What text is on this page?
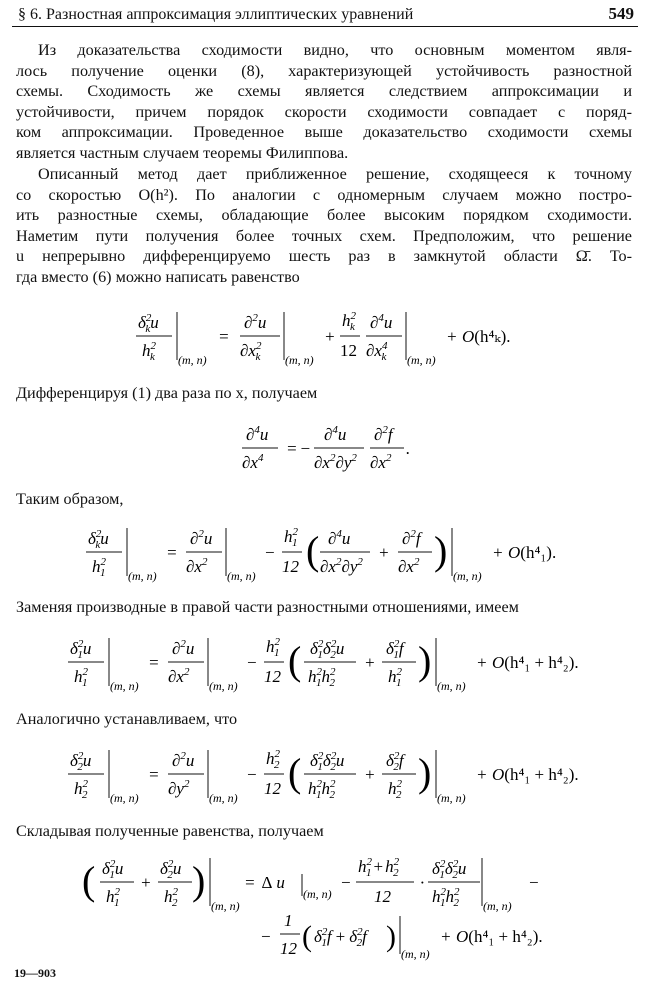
§ 6. Разностная аппроксимация эллиптических уравнений	549
Из доказательства сходимости видно, что основным моментом явля-
лось получение оценки (8), характеризующей устойчивость разностной
схемы. Сходимость же схемы является следствием аппроксимации и
устойчивости, причем порядок скорости сходимости совпадает с поряд-
ком аппроксимации. Проведенное выше доказательство сходимости схемы
является частным случаем теоремы Филиппова.
Описанный метод дает приближенное решение, сходящееся к точному
со скоростью O(h²). По аналогии с одномерным случаем можно постро-
ить разностные схемы, обладающие более высоким порядком сходимости.
Наметим пути получения более точных схем. Предположим, что решение
u непрерывно дифференцируемо шесть раз в замкнутой области Ω̄. То-
гда вместо (6) можно написать равенство
$\delta^2$ ku
$h^2$ k (m, n)
=
∂$^2$u
$\partial x^2$ k (m, n)
+
$h^2$ k
12
∂$^4$u
$\partial x^4$ k (m, n)
+ O(h⁴ₖ).
Дифференцируя (1) два раза по x, получаем
∂$^4$u
$\partial x^4$ = −
∂$^4$u
$\partial x^2\partial y^2$
∂$^2$f
$\partial x^2$ .
Таким образом,
$\delta^2$ ku
$h^2$ 1 (m, n)
=
∂$^2$u
$\partial x^2$
(m, n)
−
$h^2$ 1
12 ( ∂$^4$u
$\partial x^2\partial y^2$ +
∂$^2$f
$\partial x^2$ )
(m, n)
+ O(h⁴₁).
Заменяя производные в правой части разностными отношениями, имеем
$\delta^2$ 1u
$h^2$ 1 (m, n)
=
∂$^2$u
$\partial x^2$
(m, n)
−
$h^2$ 1
12 ( $\delta^2$ $1\delta^2$ 2u
$h^2$ $1h^2$ 2
+
$\delta^2$ 1f
$h^2$ 1 )
(m, n)
+ O(h⁴₁ + h⁴₂).
Аналогично устанавливаем, что
$\delta^2$ 2u
$h^2$ 2 (m, n)
=
∂$^2$u
$\partial y^2$
(m, n)
−
$h^2$ 2
12 ( $\delta^2$ $1\delta^2$ 2u
$h^2$ $1h^2$ 2
+
$\delta^2$ 2f
$h^2$ 2 )
(m, n)
+ O(h⁴₁ + h⁴₂).
Складывая полученные равенства, получаем
( $\delta^2$ 1u
$h^2$ 1
+
$\delta^2$ 2u
$h^2$ 2 )
(m, n)
= Δ u
(m, n)
−
$h^2$ $1 + h^2$ 2
12
·
$\delta^2$ $1\delta^2$ 2u
$h^2$ $1h^2$ 2 (m, n)
−
−
1
12 ( $\delta^2$ $1f + \delta^2$ 2f )
(m, n)
+ O(h⁴₁ + h⁴₂).
19—903
